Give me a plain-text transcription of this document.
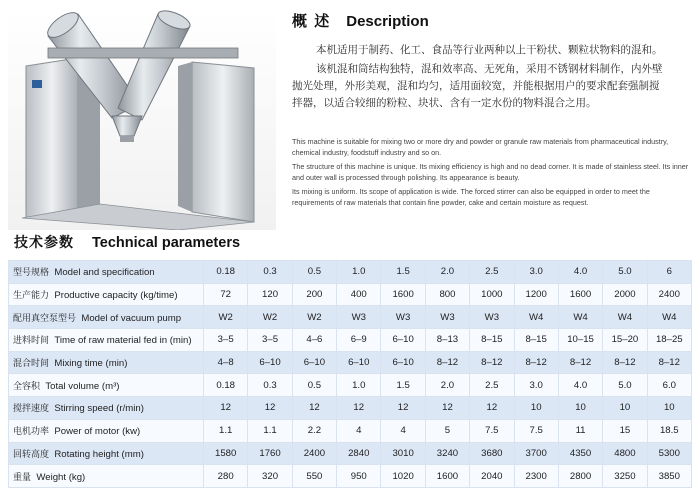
概 述 Description

本机适用于制药、化工、食品等行业两种以上干粉状、颗粒状物料的混和。

该机混和筒结构独特，混和效率高、无死角，采用不锈钢材料制作，内外壁

抛光处理，外形美观，混和均匀，适用面较宽，并能根据用户的要求配套强制搅

拌器，以适合较细的粉粒、块状、含有一定水份的物料混合之用。

This machine is suitable for mixing two or more dry and powder or granule raw materials from pharmaceutical industry, chemical industry, foodstuff industry and so on.

The structure of this machine is unique. Its mixing efficiency is high and no dead corner. It is made of stainless steel. Its inner and outer wall is processed through polishing. Its appearance is beauty.

Its mixing is uniform. Its scope of application is wide. The forced stirrer can also be equipped in order to meet the requirements of raw materials that contain fine powder, cake and certain moisture as request.

技术参数 Technical parameters
型号规格 Model and specification	0.18	0.3	0.5	1.0	1.5	2.0	2.5	3.0	4.0	5.0	6
生产能力 Productive capacity (kg/time)	72	120	200	400	1600	800	1000	1200	1600	2000	2400
配用真空泵型号 Model of vacuum pump	W2	W2	W2	W3	W3	W3	W3	W4	W4	W4	W4
进料时间 Time of raw material fed in (min)	3–5	3–5	4–6	6–9	6–10	8–13	8–15	8–15	10–15	15–20	18–25
混合时间 Mixing time (min)	4–8	6–10	6–10	6–10	6–10	8–12	8–12	8–12	8–12	8–12	8–12
全容积 Total volume (m³)	0.18	0.3	0.5	1.0	1.5	2.0	2.5	3.0	4.0	5.0	6.0
搅拌速度 Stirring speed (r/min)	12	12	12	12	12	12	12	10	10	10	10
电机功率 Power of motor (kw)	1.1	1.1	2.2	4	4	5	7.5	7.5	11	15	18.5
回转高度 Rotating height (mm)	1580	1760	2400	2840	3010	3240	3680	3700	4350	4800	5300
重量 Weight (kg)	280	320	550	950	1020	1600	2040	2300	2800	3250	3850
